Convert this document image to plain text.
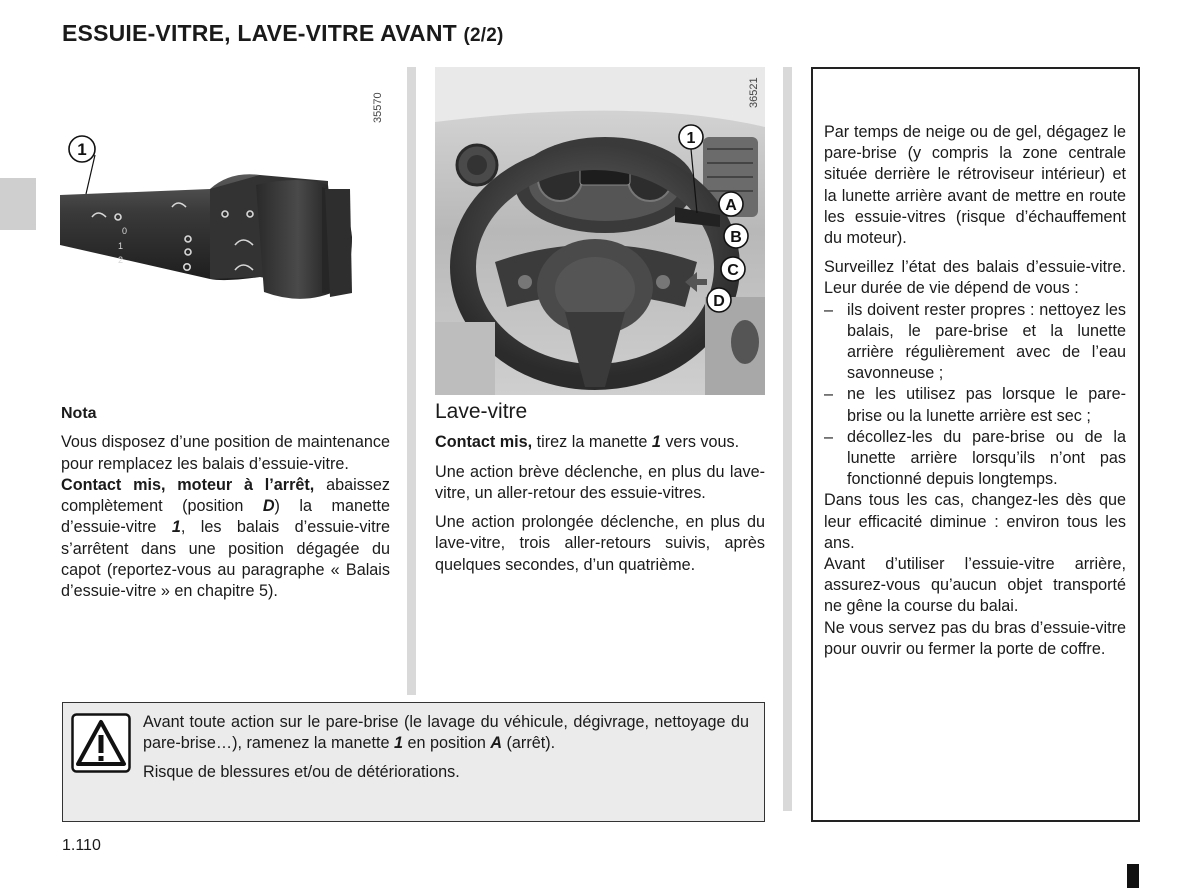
ESSUIE-VITRE, LAVE-VITRE AVANT (2/2)
0
1
2
1
35570
1
A
B
C
D
36521

Nota

Vous disposez d’une position de maintenance pour remplacez les balais d’essuie-vitre.

Contact mis, moteur à l’arrêt, abaissez complètement (position D) la manette d’essuie-vitre 1, les balais d’essuie-vitre s’arrêtent dans une position dégagée du capot (reportez-vous au paragraphe « Balais d’essuie-vitre » en chapitre 5).

Lave-vitre

Contact mis, tirez la manette 1 vers vous.

Une action brève déclenche, en plus du lave-vitre, un aller-retour des essuie-vitres.

Une action prolongée déclenche, en plus du lave-vitre, trois aller-retours suivis, après quelques secondes, d’un quatrième.

Par temps de neige ou de gel, dégagez le pare-brise (y compris la zone centrale située derrière le rétroviseur intérieur) et la lunette arrière avant de mettre en route les essuie-vitres (risque d’échauffement du moteur).

Surveillez l’état des balais d’essuie-vitre. Leur durée de vie dépend de vous :

– ils doivent rester propres : nettoyez les balais, le pare-brise et la lunette arrière régulièrement avec de l’eau savonneuse ;
– ne les utilisez pas lorsque le pare-brise ou la lunette arrière est sec ;
– décollez-les du pare-brise ou de la lunette arrière lorsqu’ils n’ont pas fonctionné depuis longtemps.

Dans tous les cas, changez-les dès que leur efficacité diminue : environ tous les ans.

Avant d’utiliser l’essuie-vitre arrière, assurez-vous qu’aucun objet transporté ne gêne la course du balai.

Ne vous servez pas du bras d’essuie-vitre pour ouvrir ou fermer la porte de coffre.

Avant toute action sur le pare-brise (le lavage du véhicule, dégivrage, nettoyage du pare-brise…), ramenez la manette 1 en position A (arrêt).

Risque de blessures et/ou de détériorations.

1.110
